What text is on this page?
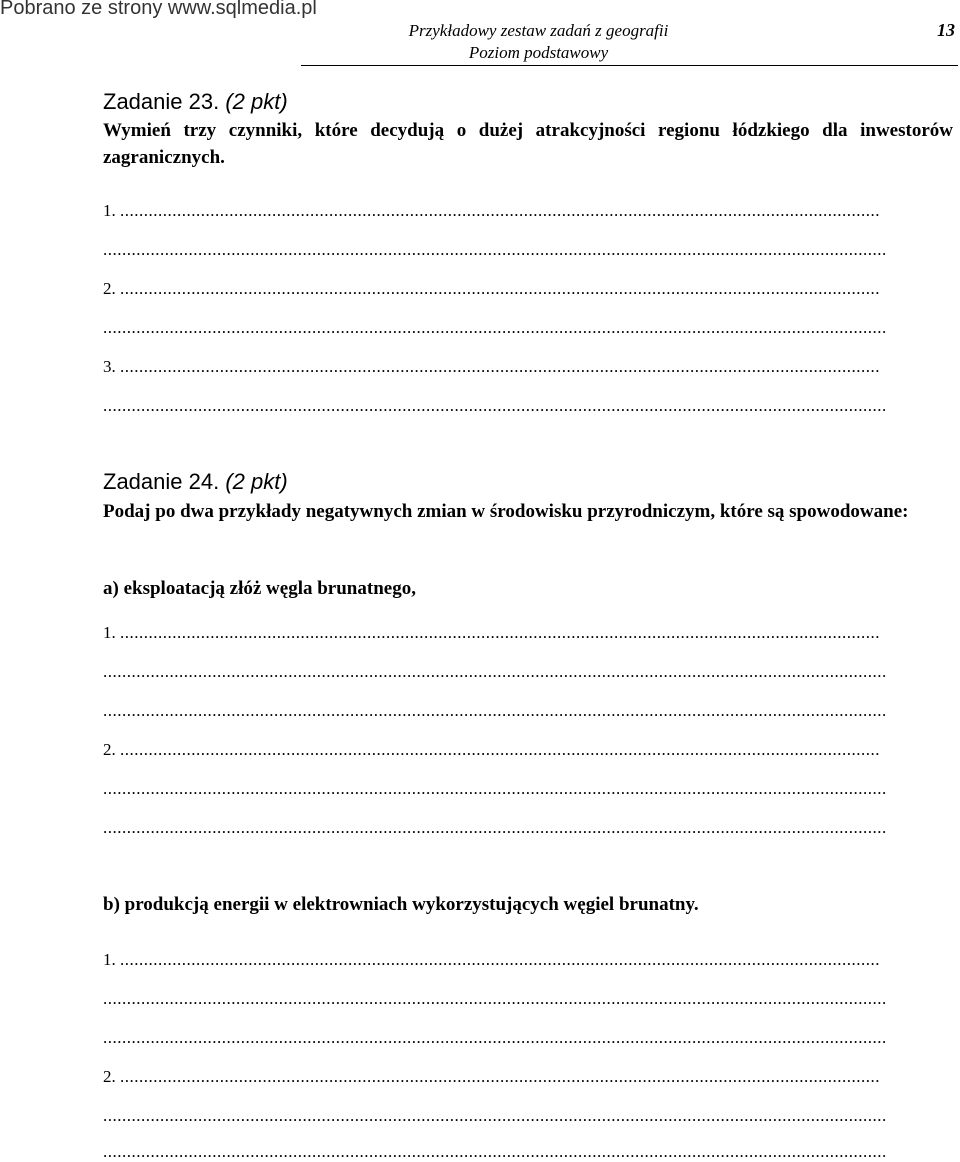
Pobrano ze strony www.sqlmedia.pl
Przykładowy zestaw zadań z geografii
Poziom podstawowy
13
Zadanie 23. (2 pkt)
Wymień trzy czynniki, które decydują o dużej atrakcyjności regionu łódzkiego dla inwestorów zagranicznych.
1. ................................................................................................................................................................
.....................................................................................................................................................................
2. ................................................................................................................................................................
.....................................................................................................................................................................
3. ................................................................................................................................................................
.....................................................................................................................................................................
Zadanie 24. (2 pkt)
Podaj po dwa przykłady negatywnych zmian w środowisku przyrodniczym, które są spowodowane:
a) eksploatacją złóż węgla brunatnego,
1. ................................................................................................................................................................
.....................................................................................................................................................................
.....................................................................................................................................................................
2. ................................................................................................................................................................
.....................................................................................................................................................................
.....................................................................................................................................................................
b) produkcją energii w elektrowniach wykorzystujących węgiel brunatny.
1. ................................................................................................................................................................
.....................................................................................................................................................................
.....................................................................................................................................................................
2. ................................................................................................................................................................
.....................................................................................................................................................................
.....................................................................................................................................................................
